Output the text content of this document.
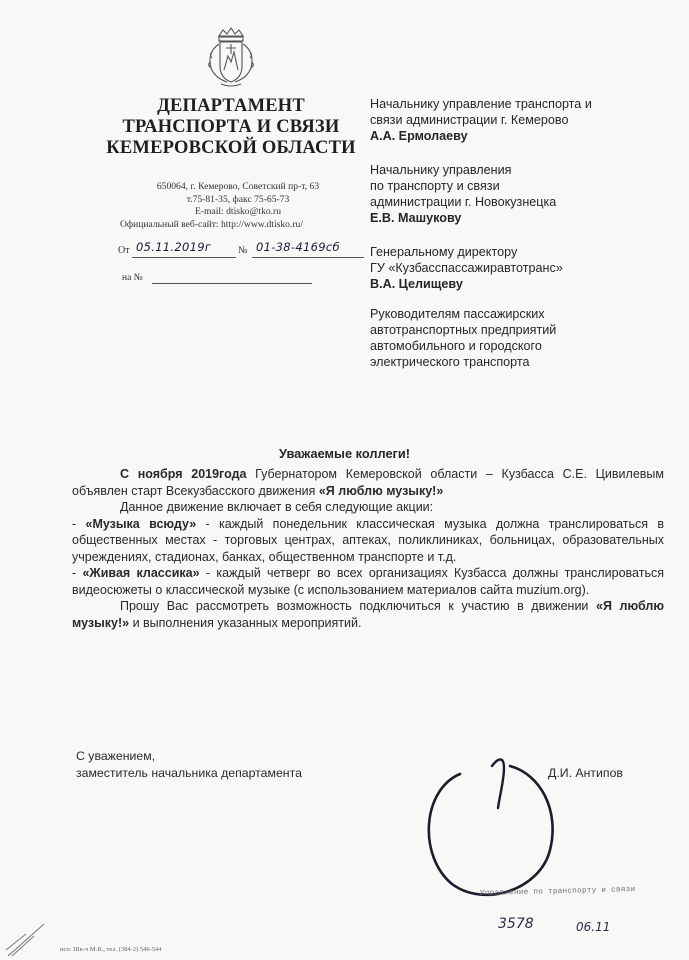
ДЕПАРТАМЕНТ
ТРАНСПОРТА И СВЯЗИ
КЕМЕРОВСКОЙ ОБЛАСТИ
650064, г. Кемерово, Советский пр-т, 63
т.75-81-35, факс 75-65-73
E-mail: dtisko@tko.ru
Официальный веб-сайт: http://www.dtisko.ru/
От 05.11.2019г	№ 01-38-4169сб
на №
Начальнику управление транспорта и
связи администрации г. Кемерово
А.А. Ермолаеву
Начальнику управления
по транспорту и связи
администрации г. Новокузнецка
Е.В. Машукову
Генеральному директору
ГУ «Кузбасспассажиравтотранс»
В.А. Целищеву
Руководителям пассажирских
автотранспортных предприятий
автомобильного и городского
электрического транспорта
Уважаемые коллеги!

С ноября 2019года Губернатором Кемеровской области – Кузбасса С.Е. Цивилевым объявлен старт Всекузбасского движения «Я люблю музыку!»

Данное движение включает в себя следующие акции:

- «Музыка всюду» - каждый понедельник классическая музыка должна транслироваться в общественных местах - торговых центрах, аптеках, поликлиниках, больницах, образовательных учреждениях, стадионах, банках, общественном транспорте и т.д.

- «Живая классика» - каждый четверг во всех организациях Кузбасса должны транслироваться видеосюжеты о классической музыке (с использованием материалов сайта muzium.org).

Прошу Вас рассмотреть возможность подключиться к участию в движении «Я люблю музыку!» и выполнения указанных мероприятий.

С уважением,
заместитель начальника департамента	Д.И. Антипов
Управление по транспорту и связи
3578	06.11
исп. Шк-ч М.В., тел. (384-2) 546-544
